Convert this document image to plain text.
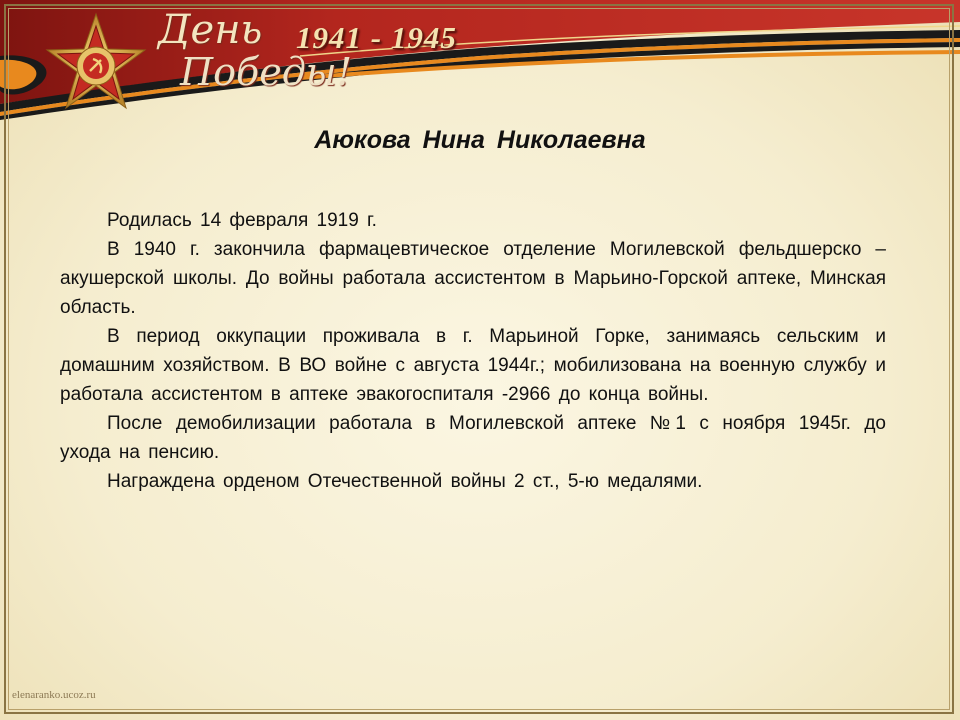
День
Победы!
1941 - 1945
Аюкова Нина Николаевна

Родилась 14 февраля 1919 г.

В 1940 г. закончила фармацевтическое отделение Могилевской фельдшерско –акушерской школы. До войны работала ассистентом в Марьино-Горской аптеке, Минская область.

В период оккупации проживала в г. Марьиной Горке, занимаясь сельским и домашним хозяйством. В ВО войне с августа 1944г.; мобилизована на военную службу и работала ассистентом в аптеке эвакогоспиталя -2966 до конца войны.

После демобилизации работала в Могилевской аптеке №1 с ноября 1945г. до ухода на пенсию.

Награждена орденом Отечественной войны 2 ст., 5-ю медалями.

elenaranko.ucoz.ru
